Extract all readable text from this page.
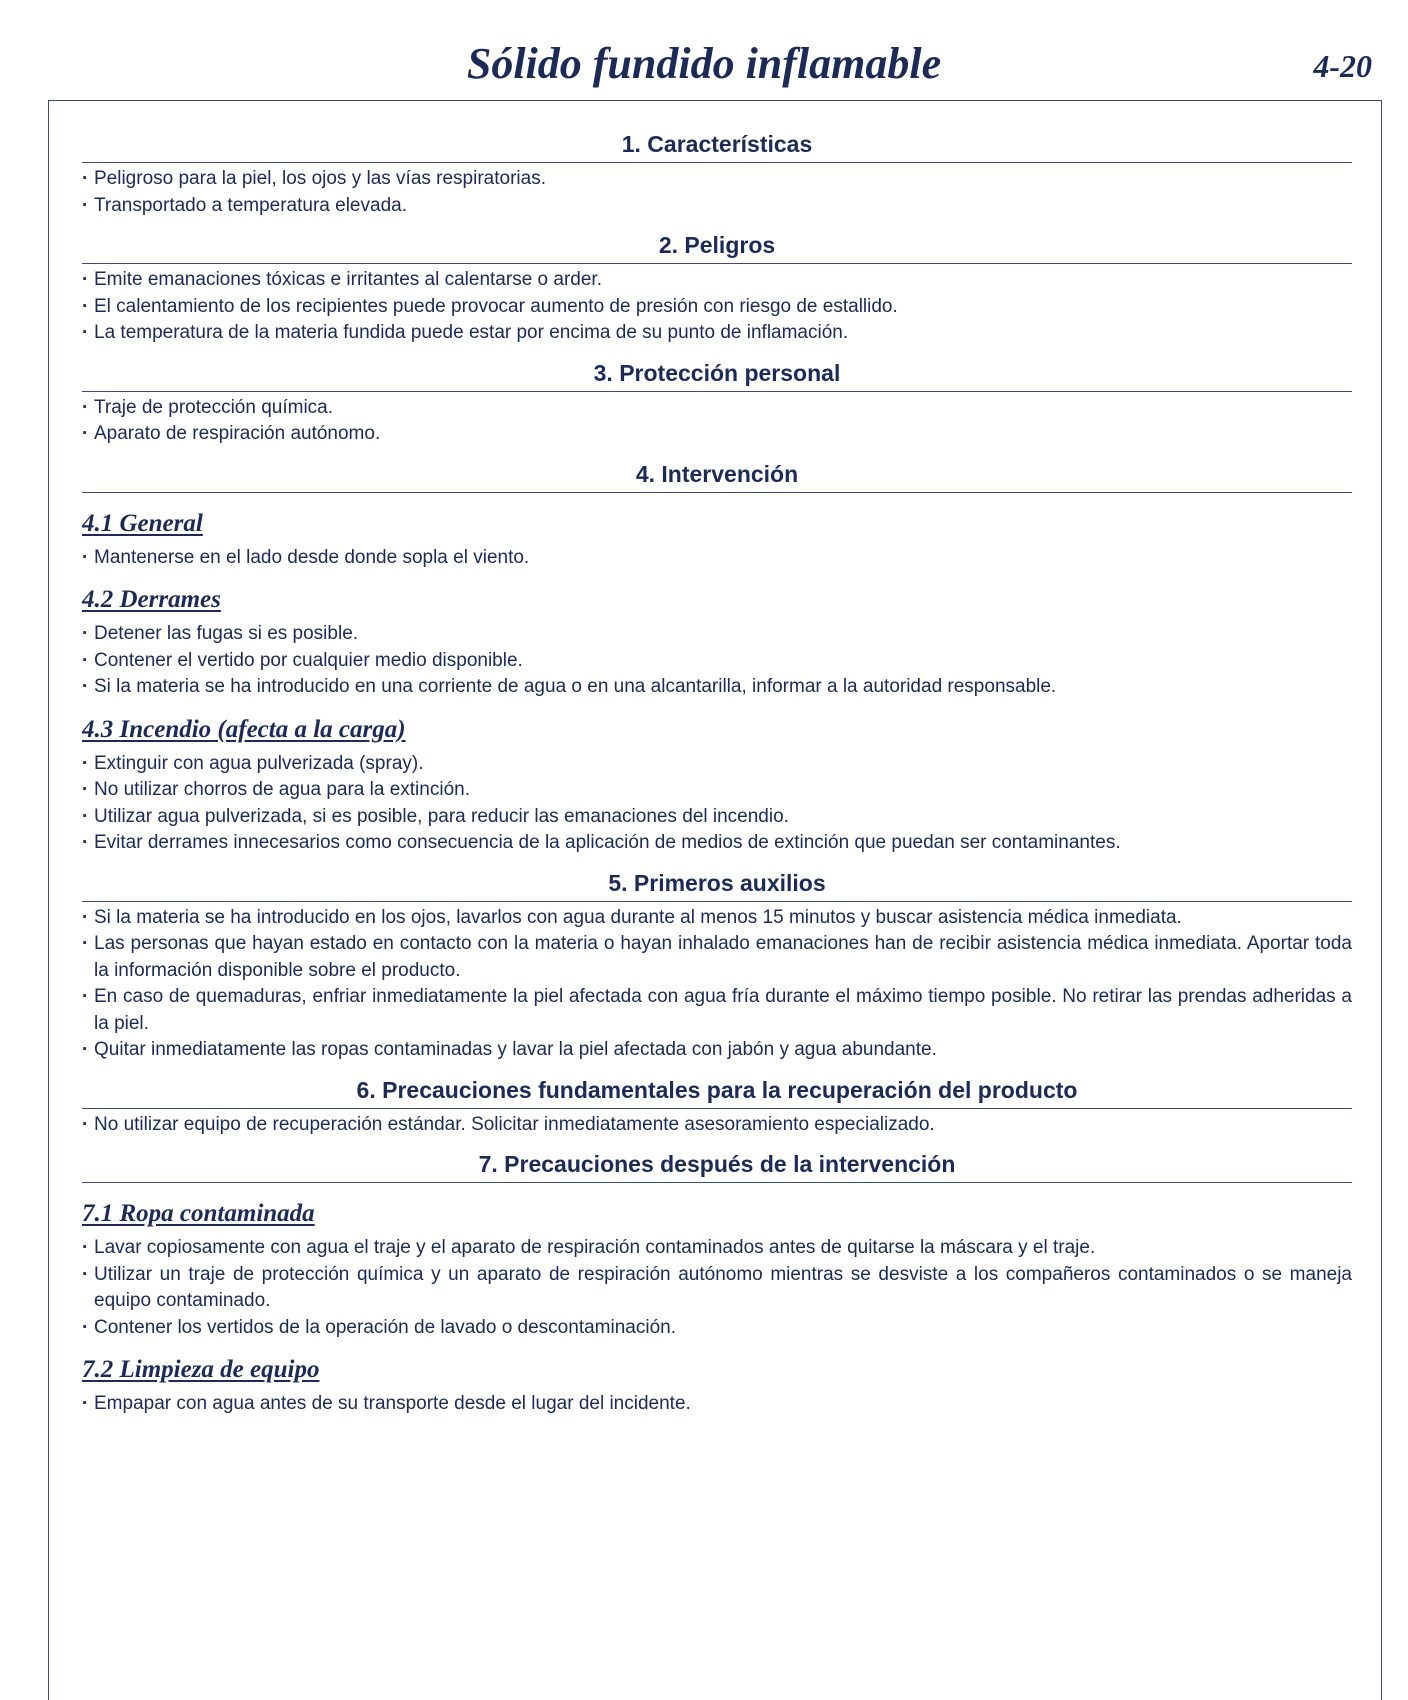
Sólido fundido inflamable	4-20
1. Características
· Peligroso para la piel, los ojos y las vías respiratorias.
· Transportado a temperatura elevada.
2. Peligros
· Emite emanaciones tóxicas e irritantes al calentarse o arder.
· El calentamiento de los recipientes puede provocar aumento de presión con riesgo de estallido.
· La temperatura de la materia fundida puede estar por encima de su punto de inflamación.
3. Protección personal
· Traje de protección química.
· Aparato de respiración autónomo.
4. Intervención
4.1 General
· Mantenerse en el lado desde donde sopla el viento.
4.2 Derrames
· Detener las fugas si es posible.
· Contener el vertido por cualquier medio disponible.
· Si la materia se ha introducido en una corriente de agua o en una alcantarilla, informar a la autoridad responsable.
4.3 Incendio (afecta a la carga)
· Extinguir con agua pulverizada (spray).
· No utilizar chorros de agua para la extinción.
· Utilizar agua pulverizada, si es posible, para reducir las emanaciones del incendio.
· Evitar derrames innecesarios como consecuencia de la aplicación de medios de extinción que puedan ser contaminantes.
5. Primeros auxilios
· Si la materia se ha introducido en los ojos, lavarlos con agua durante al menos 15 minutos y buscar asistencia médica inmediata.
· Las personas que hayan estado en contacto con la materia o hayan inhalado emanaciones han de recibir asistencia médica inmediata. Aportar toda la información disponible sobre el producto.
· En caso de quemaduras, enfriar inmediatamente la piel afectada con agua fría durante el máximo tiempo posible. No retirar las prendas adheridas a la piel.
· Quitar inmediatamente las ropas contaminadas y lavar la piel afectada con jabón y agua abundante.
6. Precauciones fundamentales para la recuperación del producto
· No utilizar equipo de recuperación estándar. Solicitar inmediatamente asesoramiento especializado.
7. Precauciones después de la intervención
7.1 Ropa contaminada
· Lavar copiosamente con agua el traje y el aparato de respiración contaminados antes de quitarse la máscara y el traje.
· Utilizar un traje de protección química y un aparato de respiración autónomo mientras se desviste a los compañeros contaminados o se maneja equipo contaminado.
· Contener los vertidos de la operación de lavado o descontaminación.
7.2 Limpieza de equipo
· Empapar con agua antes de su transporte desde el lugar del incidente.
